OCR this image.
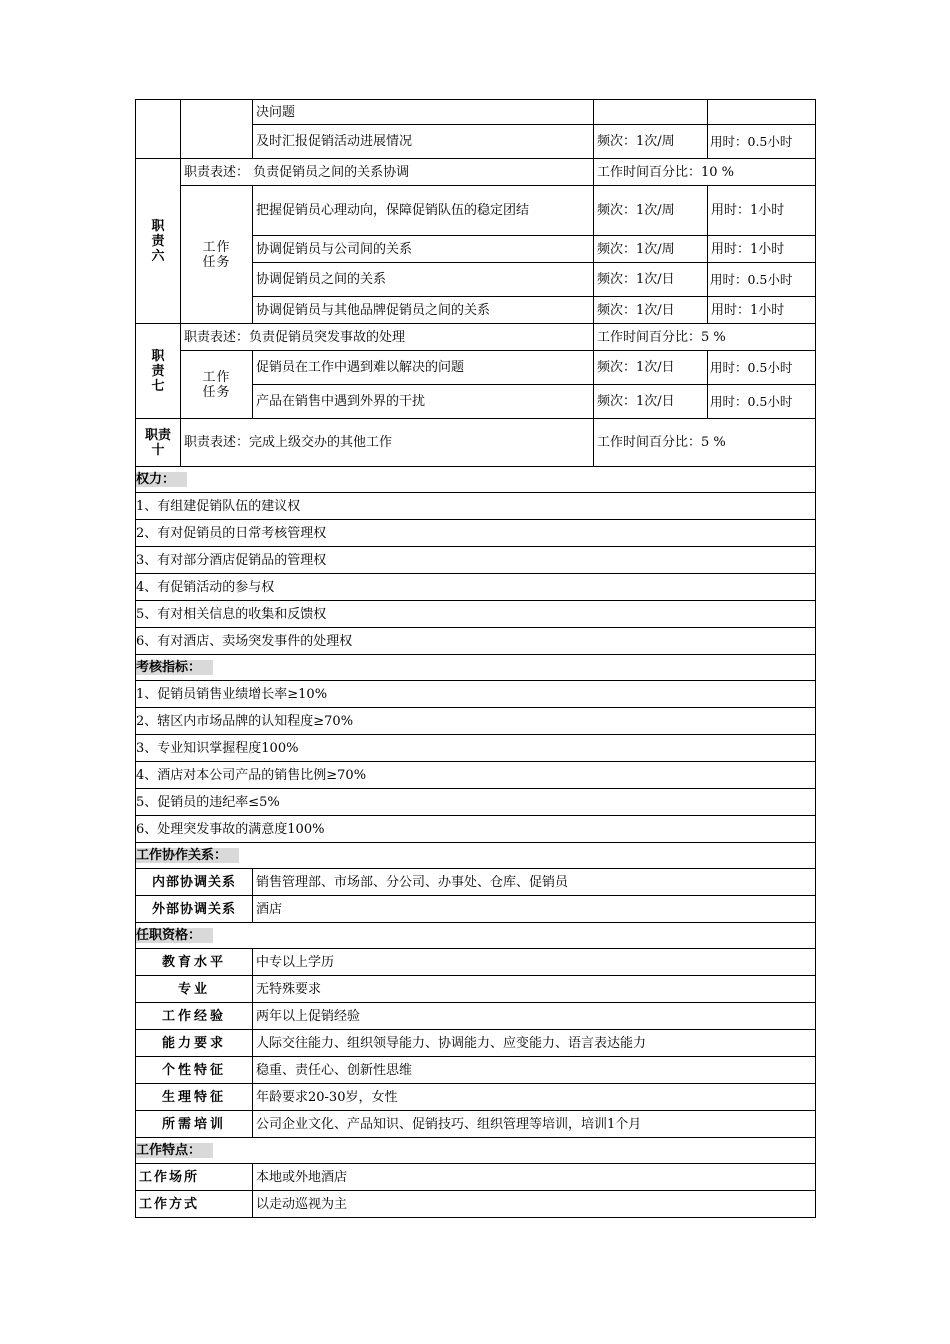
		决问题		
		及时汇报促销活动进展情况	频次：1次/周	用时：0.5小时

职责六	职责表述： 负责促销员之间的关系协调		工作时间百分比：10 %	

	工作任务	把握促销员心理动向，保障促销队伍的稳定团结	频次：1次/周	用时：1小时
		协调促销员与公司间的关系	频次：1次/周	用时：1小时
		协调促销员之间的关系	频次：1次/日	用时：0.5小时
		协调促销员与其他品牌促销员之间的关系	频次：1次/日	用时：1小时

职责七	职责表述：负责促销员突发事故的处理		工作时间百分比：5 %	

	工作任务	促销员在工作中遇到难以解决的问题	频次：1次/日	用时：0.5小时
		产品在销售中遇到外界的干扰	频次：1次/日	用时：0.5小时

职责十	职责表述：完成上级交办的其他工作		工作时间百分比：5 %	
权力：				
1、有组建促销队伍的建议权				
2、有对促销员的日常考核管理权				
3、有对部分酒店促销品的管理权				
4、有促销活动的参与权				
5、有对相关信息的收集和反馈权				
6、有对酒店、卖场突发事件的处理权				
考核指标：				
1、促销员销售业绩增长率≥10%				
2、辖区内市场品牌的认知程度≥70%				
3、专业知识掌握程度100%				
4、酒店对本公司产品的销售比例≥70%				
5、促销员的违纪率≤5%				
6、处理突发事故的满意度100%				
工作协作关系：				
内部协调关系		销售管理部、市场部、分公司、办事处、仓库、促销员		
外部协调关系		酒店		
任职资格：				
教育水平		中专以上学历		
专业		无特殊要求		
工作经验		两年以上促销经验		
能力要求		人际交往能力、组织领导能力、协调能力、应变能力、语言表达能力		
个性特征		稳重、责任心、创新性思维		
生理特征		年龄要求20-30岁，女性		
所需培训		公司企业文化、产品知识、促销技巧、组织管理等培训，培训1个月		
工作特点：				
工作场所		本地或外地酒店		
工作方式		以走动巡视为主		
